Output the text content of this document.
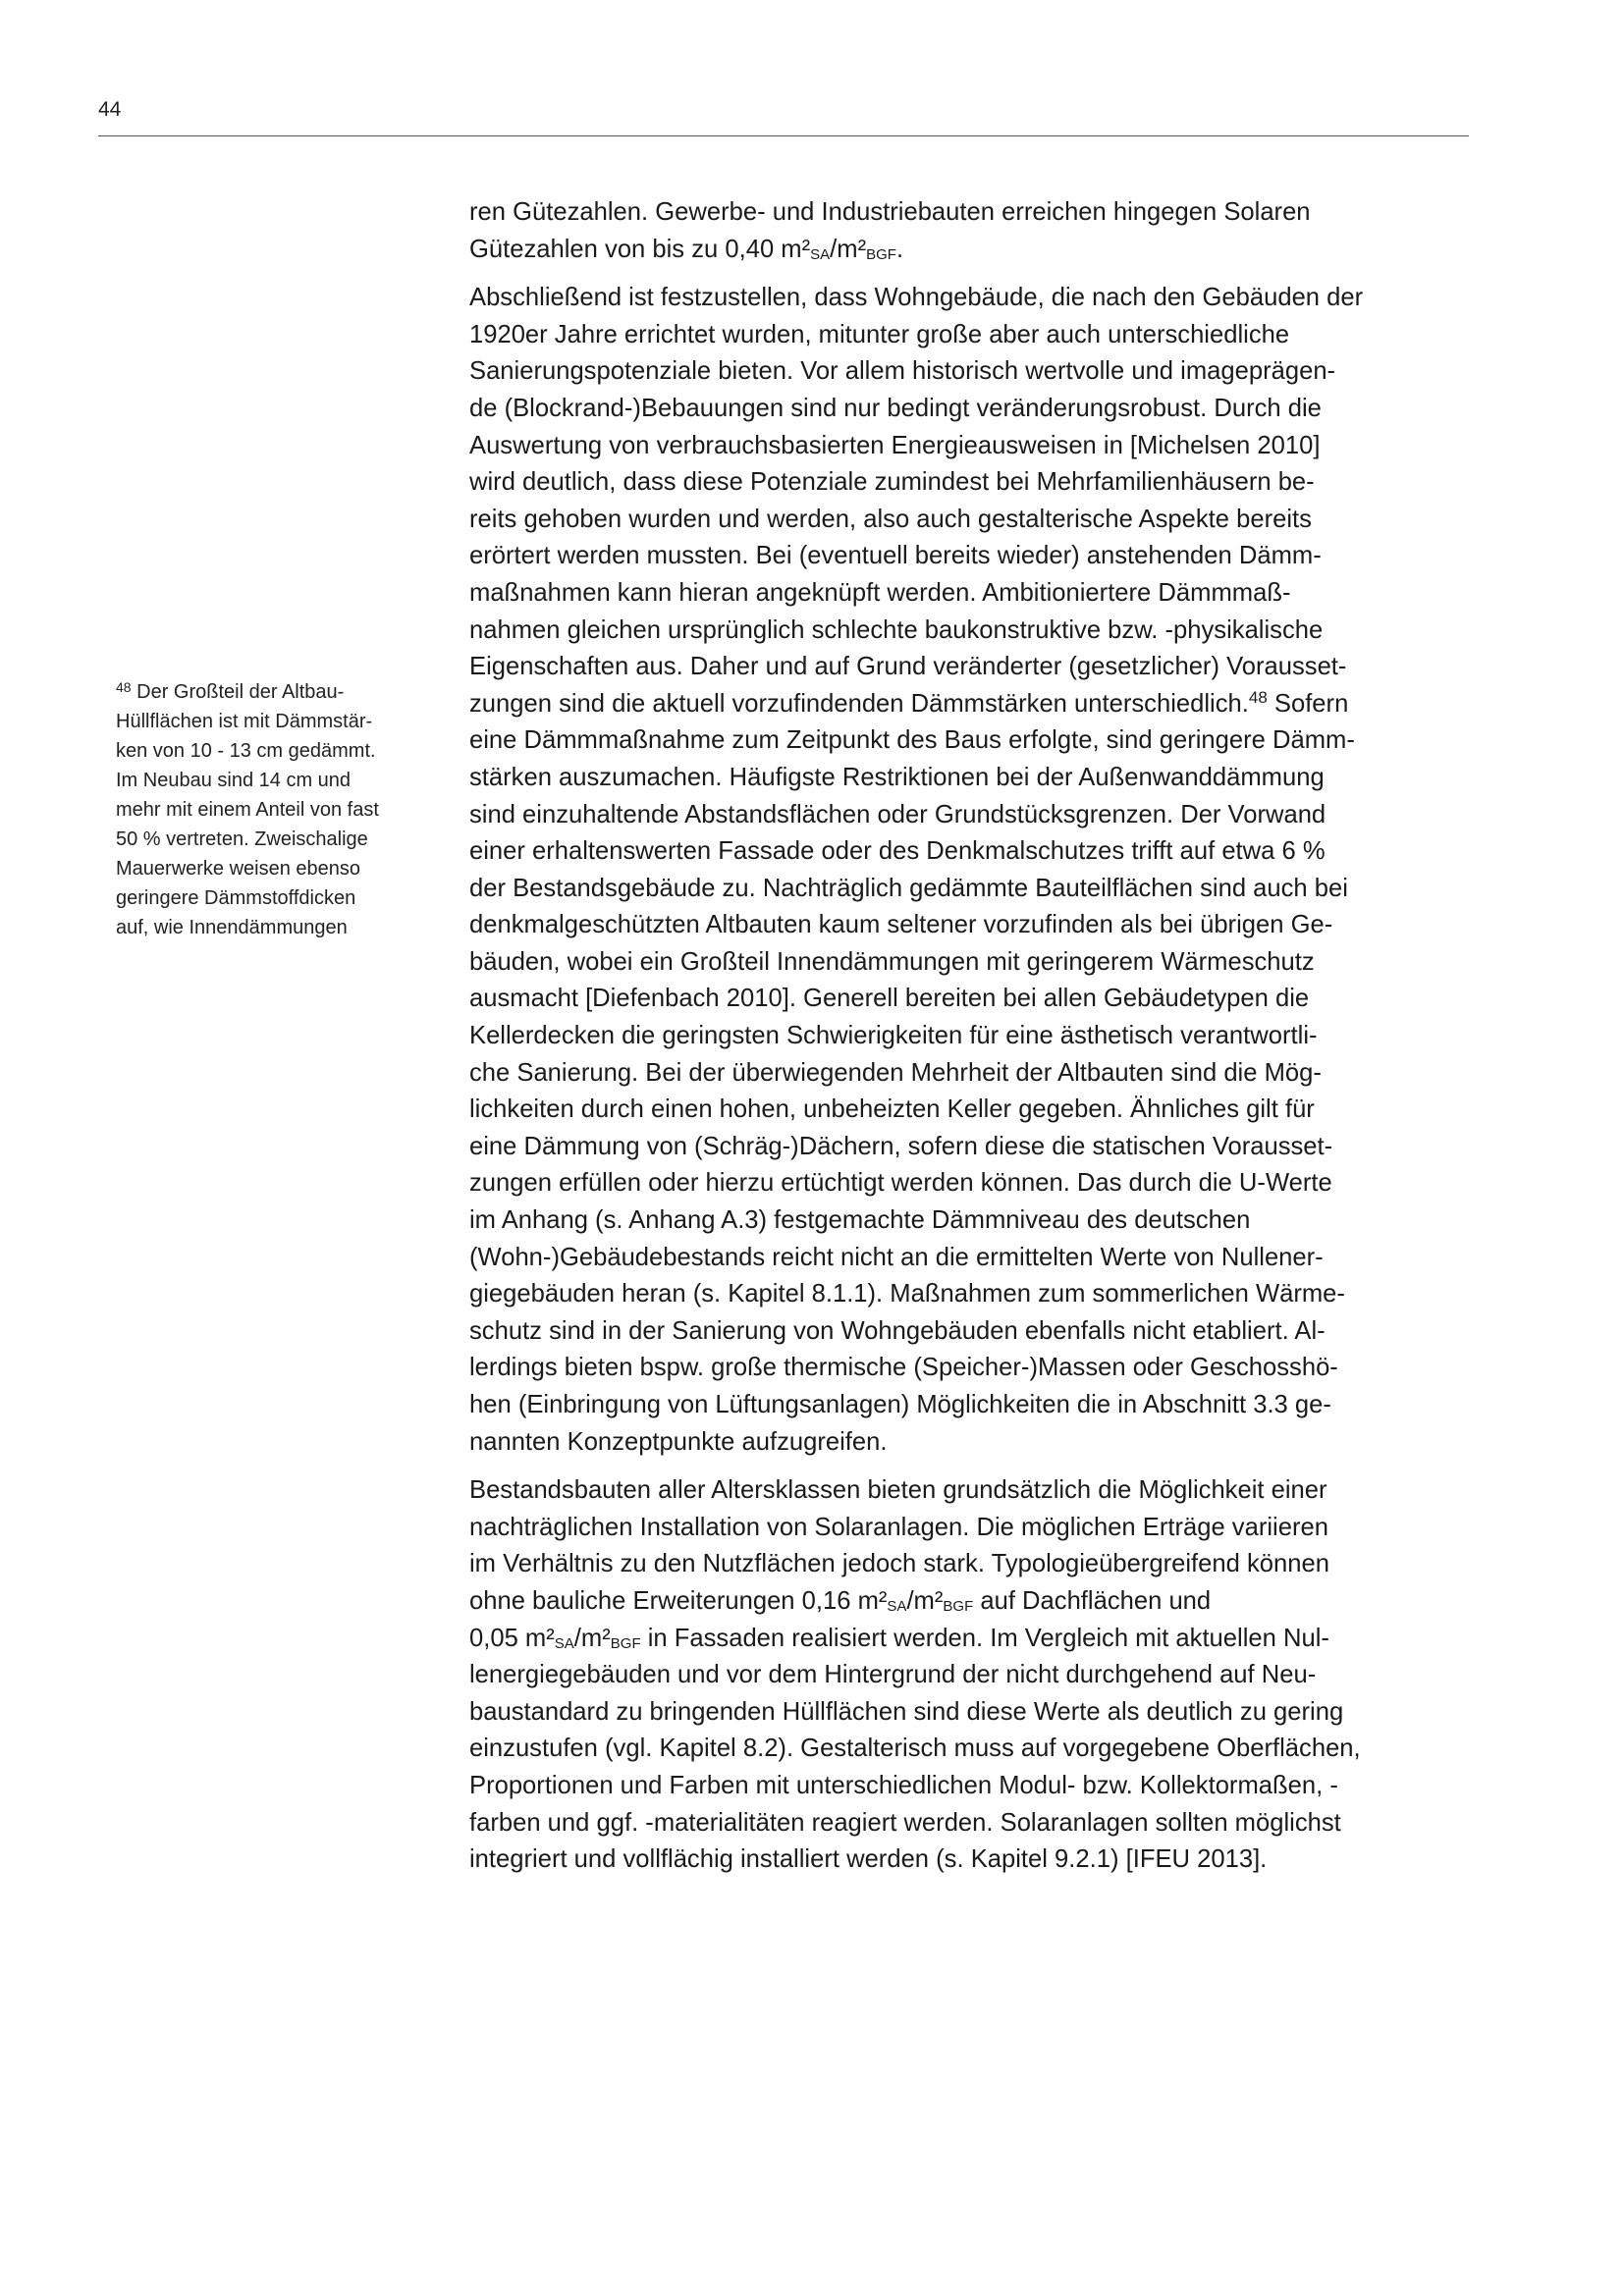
44
$^{48}$ Der Großteil der Altbau-
Hüllflächen ist mit Dämmstär-
ken von 10 - 13 cm gedämmt.
Im Neubau sind 14 cm und
mehr mit einem Anteil von fast
50 % vertreten. Zweischalige
Mauerwerke weisen ebenso
geringere Dämmstoffdicken
auf, wie Innendämmungen

ren Gütezahlen. Gewerbe- und Industriebauten erreichen hingegen Solaren
Gütezahlen von bis zu 0,40 $m^2_{SA}/m^2_{BGF}$.

Abschließend ist festzustellen, dass Wohngebäude, die nach den Gebäuden der
1920er Jahre errichtet wurden, mitunter große aber auch unterschiedliche
Sanierungspotenziale bieten. Vor allem historisch wertvolle und imageprägen-
de (Blockrand-)Bebauungen sind nur bedingt veränderungsrobust. Durch die
Auswertung von verbrauchsbasierten Energieausweisen in [Michelsen 2010]
wird deutlich, dass diese Potenziale zumindest bei Mehrfamilienhäusern be-
reits gehoben wurden und werden, also auch gestalterische Aspekte bereits
erörtert werden mussten. Bei (eventuell bereits wieder) anstehenden Dämm-
maßnahmen kann hieran angeknüpft werden. Ambitioniertere Dämmmaß-
nahmen gleichen ursprünglich schlechte baukonstruktive bzw. -physikalische
Eigenschaften aus. Daher und auf Grund veränderter (gesetzlicher) Vorausset-
zungen sind die aktuell vorzufindenden Dämmstärken unterschiedlich.$^{48}$ Sofern
eine Dämmmaßnahme zum Zeitpunkt des Baus erfolgte, sind geringere Dämm-
stärken auszumachen. Häufigste Restriktionen bei der Außenwanddämmung
sind einzuhaltende Abstandsflächen oder Grundstücksgrenzen. Der Vorwand
einer erhaltenswerten Fassade oder des Denkmalschutzes trifft auf etwa 6 %
der Bestandsgebäude zu. Nachträglich gedämmte Bauteilflächen sind auch bei
denkmalgeschützten Altbauten kaum seltener vorzufinden als bei übrigen Ge-
bäuden, wobei ein Großteil Innendämmungen mit geringerem Wärmeschutz
ausmacht [Diefenbach 2010]. Generell bereiten bei allen Gebäudetypen die
Kellerdecken die geringsten Schwierigkeiten für eine ästhetisch verantwortli-
che Sanierung. Bei der überwiegenden Mehrheit der Altbauten sind die Mög-
lichkeiten durch einen hohen, unbeheizten Keller gegeben. Ähnliches gilt für
eine Dämmung von (Schräg-)Dächern, sofern diese die statischen Vorausset-
zungen erfüllen oder hierzu ertüchtigt werden können. Das durch die U-Werte
im Anhang (s. Anhang A.3) festgemachte Dämmniveau des deutschen
(Wohn-)Gebäudebestands reicht nicht an die ermittelten Werte von Nullener-
giegebäuden heran (s. Kapitel 8.1.1). Maßnahmen zum sommerlichen Wärme-
schutz sind in der Sanierung von Wohngebäuden ebenfalls nicht etabliert. Al-
lerdings bieten bspw. große thermische (Speicher-)Massen oder Geschosshö-
hen (Einbringung von Lüftungsanlagen) Möglichkeiten die in Abschnitt 3.3 ge-
nannten Konzeptpunkte aufzugreifen.

Bestandsbauten aller Altersklassen bieten grundsätzlich die Möglichkeit einer
nachträglichen Installation von Solaranlagen. Die möglichen Erträge variieren
im Verhältnis zu den Nutzflächen jedoch stark. Typologieübergreifend können
ohne bauliche Erweiterungen 0,16 $m^2_{SA}/m^2_{BGF}$ auf Dachflächen und
0,05 $m^2_{SA}/m^2_{BGF}$ in Fassaden realisiert werden. Im Vergleich mit aktuellen Nul-
lenergiegebäuden und vor dem Hintergrund der nicht durchgehend auf Neu-
baustandard zu bringenden Hüllflächen sind diese Werte als deutlich zu gering
einzustufen (vgl. Kapitel 8.2). Gestalterisch muss auf vorgegebene Oberflächen,
Proportionen und Farben mit unterschiedlichen Modul- bzw. Kollektormaßen, -
farben und ggf. -materialitäten reagiert werden. Solaranlagen sollten möglichst
integriert und vollflächig installiert werden (s. Kapitel 9.2.1) [IFEU 2013].
